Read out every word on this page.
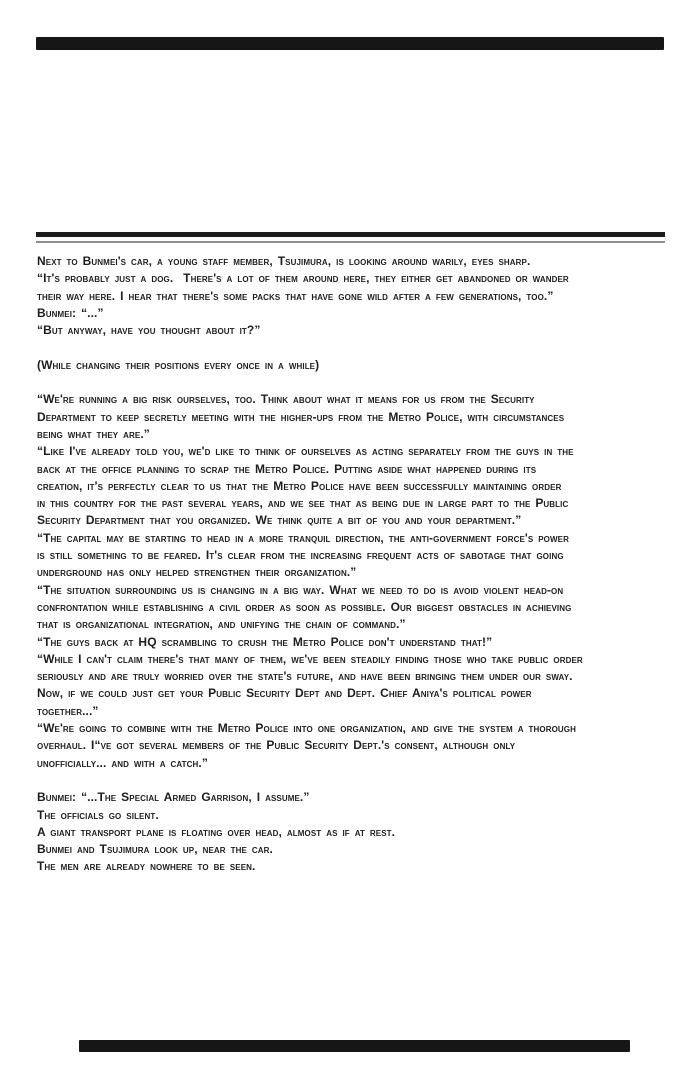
Next to Bunmei's car, a young staff member, Tsujimura, is looking around warily, eyes sharp.
“It's probably just a dog.  There's a lot of them around here, they either get abandoned or wander
their way here. I hear that there's some packs that have gone wild after a few generations, too.”
Bunmei: “...”
“But anyway, have you thought about it?”
(While changing their positions every once in a while)
“We're running a big risk ourselves, too. Think about what it means for us from the Security
Department to keep secretly meeting with the higher-ups from the Metro Police, with circumstances
being what they are.”
“Like I've already told you, we'd like to think of ourselves as acting separately from the guys in the
back at the office planning to scrap the Metro Police. Putting aside what happened during its
creation, it's perfectly clear to us that the Metro Police have been successfully maintaining order
in this country for the past several years, and we see that as being due in large part to the Public
Security Department that you organized. We think quite a bit of you and your department.”
“The capital may be starting to head in a more tranquil direction, the anti-government force's power
is still something to be feared. It's clear from the increasing frequent acts of sabotage that going
underground has only helped strengthen their organization.”
“The situation surrounding us is changing in a big way. What we need to do is avoid violent head-on
confrontation while establishing a civil order as soon as possible. Our biggest obstacles in achieving
that is organizational integration, and unifying the chain of command.”
“The guys back at HQ scrambling to crush the Metro Police don't understand that!”
“While I can't claim there's that many of them, we've been steadily finding those who take public order
seriously and are truly worried over the state's future, and have been bringing them under our sway.
Now, if we could just get your Public Security Dept and Dept. Chief Aniya's political power
together...”
“We're going to combine with the Metro Police into one organization, and give the system a thorough
overhaul. I“ve got several members of the Public Security Dept.'s consent, although only
unofficially... and with a catch.”
Bunmei: “...The Special Armed Garrison, I assume.”
The officials go silent.
A giant transport plane is floating over head, almost as if at rest.
Bunmei and Tsujimura look up, near the car.
The men are already nowhere to be seen.
